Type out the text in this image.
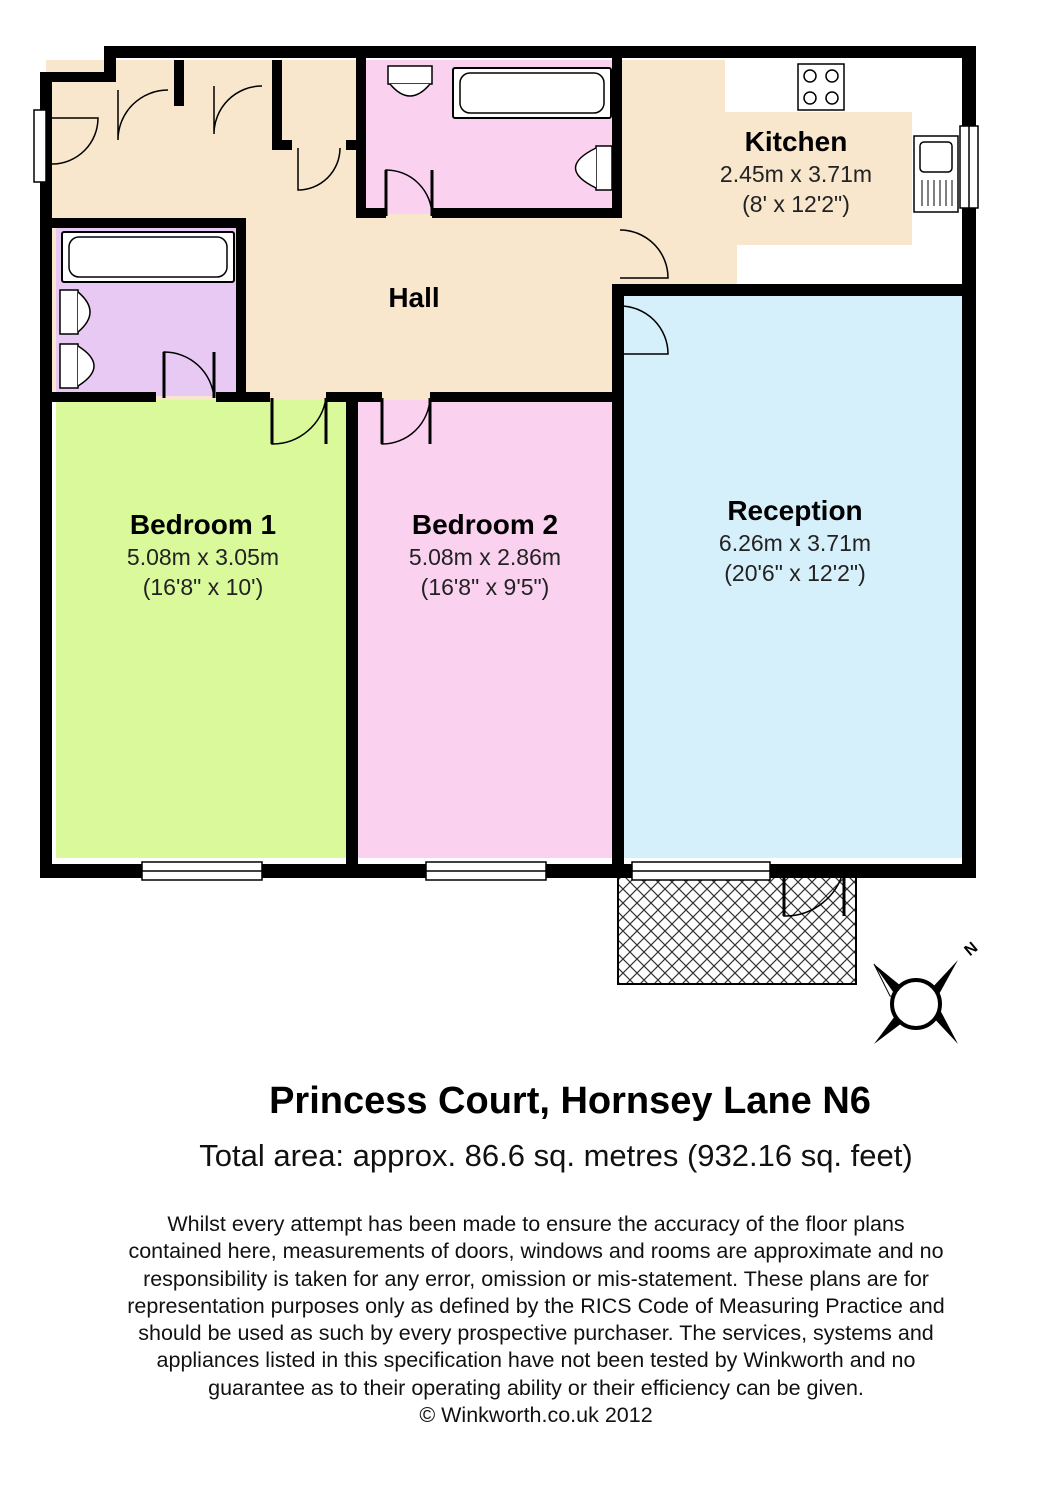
Kitchen
2.45m x 3.71m
(8' x 12'2")
Hall
Bedroom 1
5.08m x 3.05m
(16'8" x 10')
Bedroom 2
5.08m x 2.86m
(16'8" x 9'5")
Reception
6.26m x 3.71m
(20'6" x 12'2")
N
Princess Court, Hornsey Lane N6
Total area: approx. 86.6 sq. metres (932.16 sq. feet)

Whilst every attempt has been made to ensure the accuracy of the floor plans

contained here, measurements of doors, windows and rooms are approximate and no

responsibility is taken for any error, omission or mis-statement. These plans are for

representation purposes only as defined by the RICS Code of Measuring Practice and

should be used as such by every prospective purchaser. The services, systems and

appliances listed in this specification have not been tested by Winkworth and no

guarantee as to their operating ability or their efficiency can be given.

© Winkworth.co.uk 2012
